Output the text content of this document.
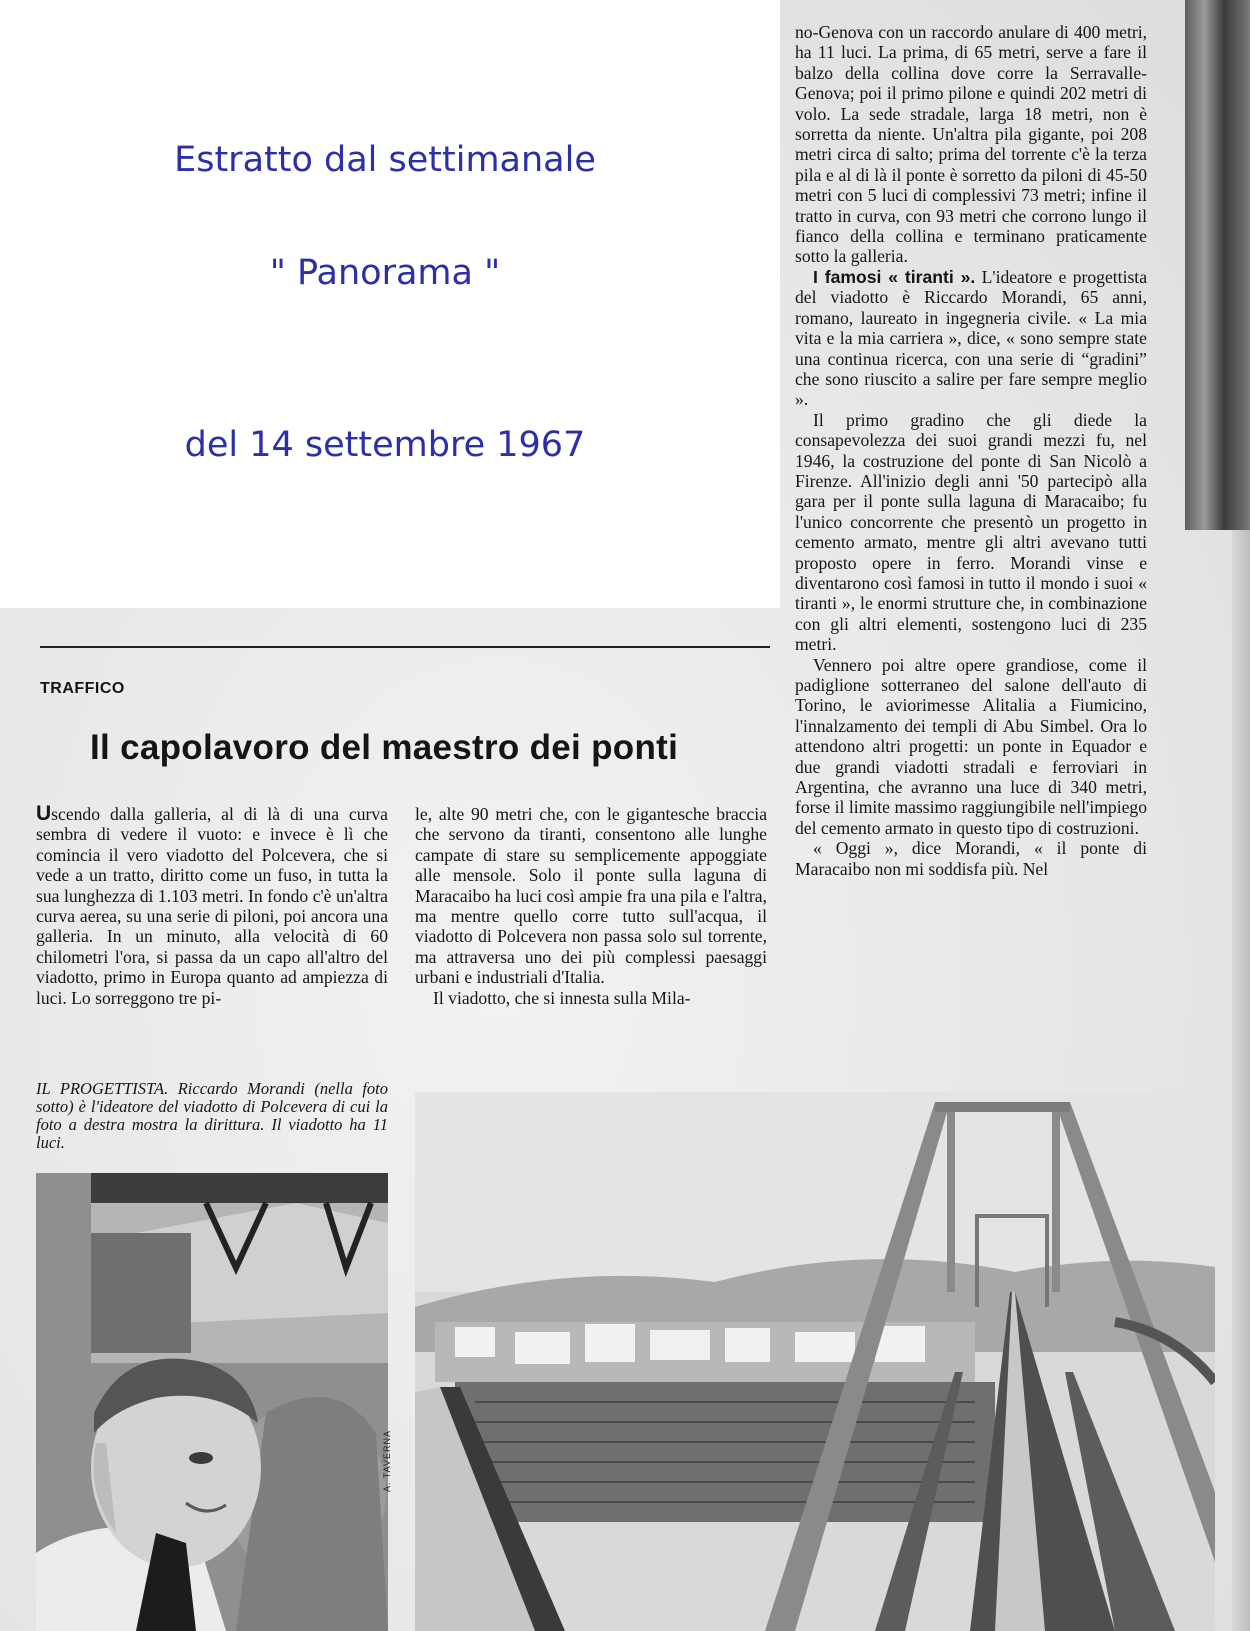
Estratto dal settimanale
" Panorama "
del 14 settembre 1967
TRAFFICO
Il capolavoro del maestro dei ponti

Uscendo dalla galleria, al di là di una curva sembra di vedere il vuoto: e invece è lì che comincia il vero viadotto del Polcevera, che si vede a un tratto, diritto come un fuso, in tutta la sua lunghezza di 1.103 metri. In fondo c'è un'altra curva aerea, su una serie di piloni, poi ancora una galleria. In un minuto, alla velocità di 60 chilometri l'ora, si passa da un capo all'altro del viadotto, primo in Europa quanto ad ampiezza di luci. Lo sorreggono tre pi-

le, alte 90 metri che, con le gigantesche braccia che servono da tiranti, consentono alle lunghe campate di stare su semplicemente appoggiate alle mensole. Solo il ponte sulla laguna di Maracaibo ha luci così ampie fra una pila e l'altra, ma mentre quello corre tutto sull'acqua, il viadotto di Polcevera non passa solo sul torrente, ma attraversa uno dei più complessi paesaggi urbani e industriali d'Italia.

Il viadotto, che si innesta sulla Mila-

no-Genova con un raccordo anulare di 400 metri, ha 11 luci. La prima, di 65 metri, serve a fare il balzo della collina dove corre la Serravalle-Genova; poi il primo pilone e quindi 202 metri di volo. La sede stradale, larga 18 metri, non è sorretta da niente. Un'altra pila gigante, poi 208 metri circa di salto; prima del torrente c'è la terza pila e al di là il ponte è sorretto da piloni di 45-50 metri con 5 luci di complessivi 73 metri; infine il tratto in curva, con 93 metri che corrono lungo il fianco della collina e terminano praticamente sotto la galleria.

I famosi « tiranti ». L'ideatore e progettista del viadotto è Riccardo Morandi, 65 anni, romano, laureato in ingegneria civile. « La mia vita e la mia carriera », dice, « sono sempre state una continua ricerca, con una serie di “gradini” che sono riuscito a salire per fare sempre meglio ».

Il primo gradino che gli diede la consapevolezza dei suoi grandi mezzi fu, nel 1946, la costruzione del ponte di San Nicolò a Firenze. All'inizio degli anni '50 partecipò alla gara per il ponte sulla laguna di Maracaibo; fu l'unico concorrente che presentò un progetto in cemento armato, mentre gli altri avevano tutti proposto opere in ferro. Morandi vinse e diventarono così famosi in tutto il mondo i suoi « tiranti », le enormi strutture che, in combinazione con gli altri elementi, sostengono luci di 235 metri.

Vennero poi altre opere grandiose, come il padiglione sotterraneo del salone dell'auto di Torino, le aviorimesse Alitalia a Fiumicino, l'innalzamento dei templi di Abu Simbel. Ora lo attendono altri progetti: un ponte in Equador e due grandi viadotti stradali e ferroviari in Argentina, che avranno una luce di 340 metri, forse il limite massimo raggiungibile nell'impiego del cemento armato in questo tipo di costruzioni.

« Oggi », dice Morandi, « il ponte di Maracaibo non mi soddisfa più. Nel

IL PROGETTISTA. Riccardo Morandi (nella foto sotto) è l'ideatore del viadotto di Polcevera di cui la foto a destra mostra la dirittura. Il viadotto ha 11 luci.
A. TAVERNA
